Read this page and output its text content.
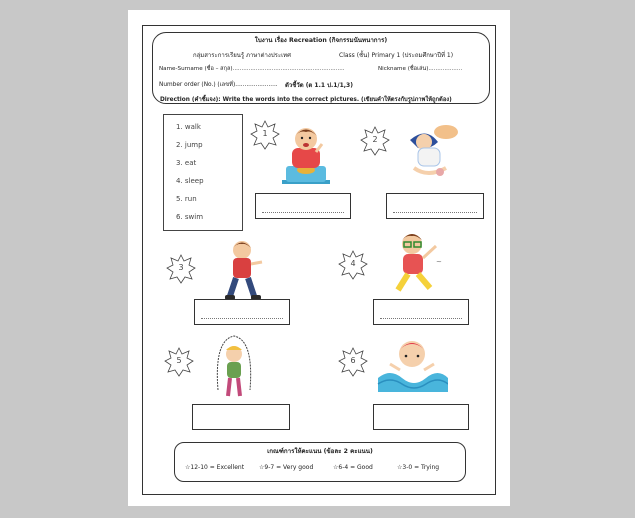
ใบงาน เรื่อง Recreation (กิจกรรมนันทนาการ)
กลุ่มสาระการเรียนรู้ ภาษาต่างประเทศ	Class (ชั้น) Primary 1 (ประถมศึกษาปีที่ 1)
Name-Surname (ชื่อ – สกุล)...............................................................	Nickname (ชื่อเล่น)...................
Number order (No.) (เลขที่)....................... ตัวชี้วัด (ต 1.1 ป.1/1,3)
Direction (คำชี้แจง): Write the words into the correct pictures. (เขียนคำให้ตรงกับรูปภาพให้ถูกต้อง)
1. walk
2. jump
3. eat
4. sleep
5. run
6. swim
1
2
3	4
5	6
~
เกณฑ์การให้คะแนน (ข้อละ 2 คะแนน)
☆12-10 = Excellent ☆9-7 = Very good	☆6-4 = Good	☆3-0 = Trying
